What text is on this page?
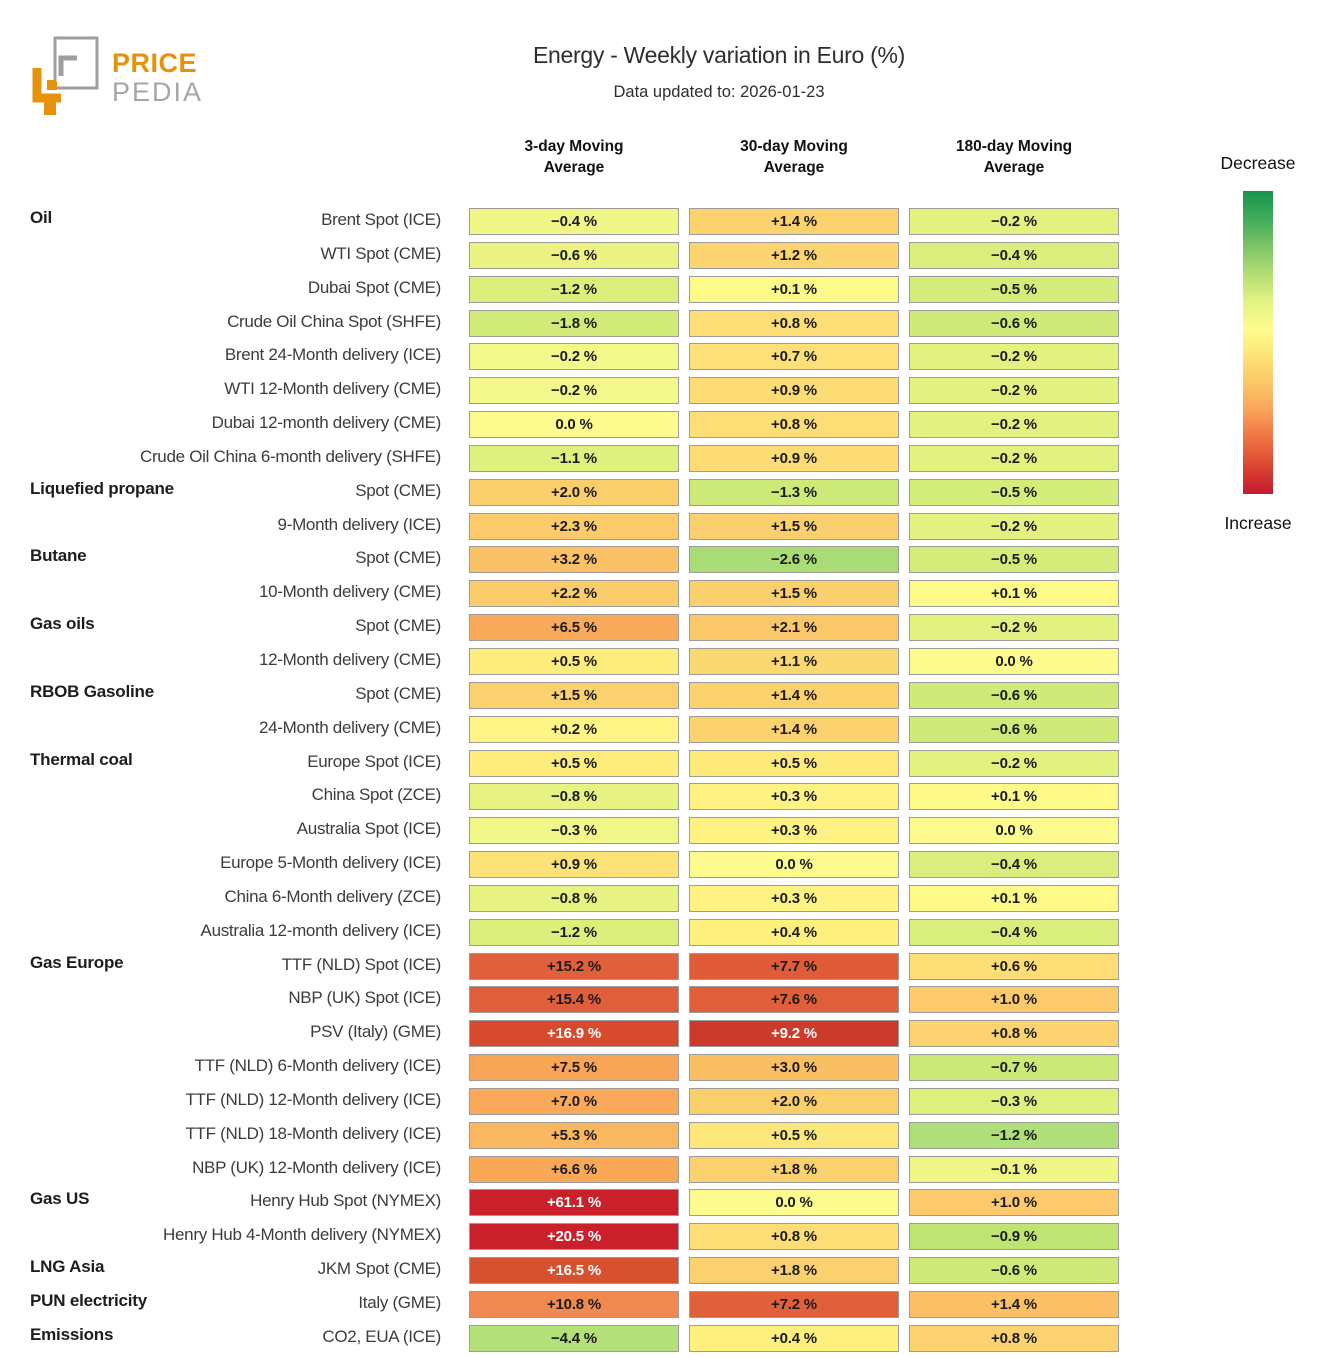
PRICE
PEDIA
Energy - Weekly variation in Euro (%)
Data updated to: 2026-01-23
3-day Moving Average
30-day Moving Average
180-day Moving Average
Oil	Brent Spot (ICE)	−0.4 %	+1.4 %	−0.2 %
WTI Spot (CME)	−0.6 %	+1.2 %	−0.4 %
Dubai Spot (CME)	−1.2 %	+0.1 %	−0.5 %
Crude Oil China Spot (SHFE)	−1.8 %	+0.8 %	−0.6 %
Brent 24-Month delivery (ICE)	−0.2 %	+0.7 %	−0.2 %
WTI 12-Month delivery (CME)	−0.2 %	+0.9 %	−0.2 %
Dubai 12-month delivery (CME)	0.0 %	+0.8 %	−0.2 %
Crude Oil China 6-month delivery (SHFE)	−1.1 %	+0.9 %	−0.2 %
Liquefied propane	Spot (CME)	+2.0 %	−1.3 %	−0.5 %
9-Month delivery (ICE)	+2.3 %	+1.5 %	−0.2 %
Butane	Spot (CME)	+3.2 %	−2.6 %	−0.5 %
10-Month delivery (CME)	+2.2 %	+1.5 %	+0.1 %
Gas oils	Spot (CME)	+6.5 %	+2.1 %	−0.2 %
12-Month delivery (CME)	+0.5 %	+1.1 %	0.0 %
RBOB Gasoline	Spot (CME)	+1.5 %	+1.4 %	−0.6 %
24-Month delivery (CME)	+0.2 %	+1.4 %	−0.6 %
Thermal coal	Europe Spot (ICE)	+0.5 %	+0.5 %	−0.2 %
China Spot (ZCE)	−0.8 %	+0.3 %	+0.1 %
Australia Spot (ICE)	−0.3 %	+0.3 %	0.0 %
Europe 5-Month delivery (ICE)	+0.9 %	0.0 %	−0.4 %
China 6-Month delivery (ZCE)	−0.8 %	+0.3 %	+0.1 %
Australia 12-month delivery (ICE)	−1.2 %	+0.4 %	−0.4 %
Gas Europe	TTF (NLD) Spot (ICE)	+15.2 %	+7.7 %	+0.6 %
NBP (UK) Spot (ICE)	+15.4 %	+7.6 %	+1.0 %
PSV (Italy) (GME)	+16.9 %	+9.2 %	+0.8 %
TTF (NLD) 6-Month delivery (ICE)	+7.5 %	+3.0 %	−0.7 %
TTF (NLD) 12-Month delivery (ICE)	+7.0 %	+2.0 %	−0.3 %
TTF (NLD) 18-Month delivery (ICE)	+5.3 %	+0.5 %	−1.2 %
NBP (UK) 12-Month delivery (ICE)	+6.6 %	+1.8 %	−0.1 %
Gas US	Henry Hub Spot (NYMEX)	+61.1 %	0.0 %	+1.0 %
Henry Hub 4-Month delivery (NYMEX)	+20.5 %	+0.8 %	−0.9 %
LNG Asia	JKM Spot (CME)	+16.5 %	+1.8 %	−0.6 %
PUN electricity	Italy (GME)	+10.8 %	+7.2 %	+1.4 %
Emissions	CO2, EUA (ICE)	−4.4 %	+0.4 %	+0.8 %
Decrease
Increase
